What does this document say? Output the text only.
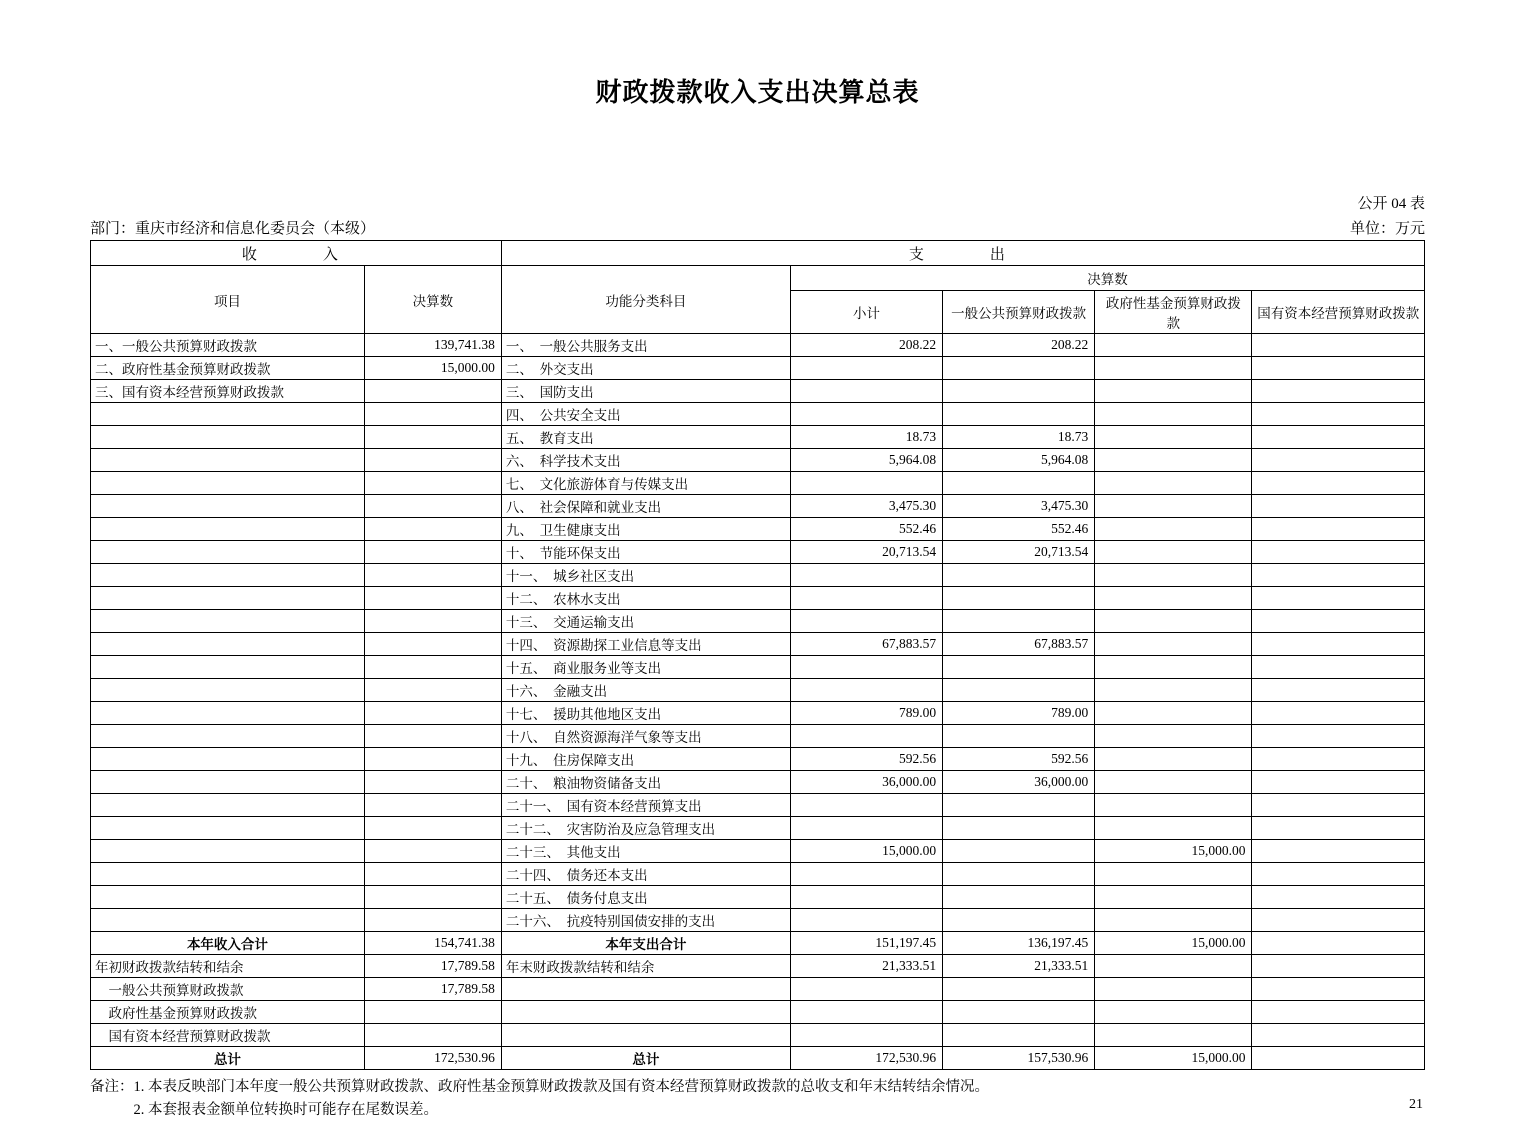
财政拨款收入支出决算总表
公开 04 表
部门：重庆市经济和信息化委员会（本级）	单位：万元
收　　入		支　　出				
项目	决算数	功能分类科目	决算数			
			小计	一般公共预算财政拨款	政府性基金预算财政拨款	国有资本经营预算财政拨款
一、一般公共预算财政拨款	139,741.38	一、　一般公共服务支出	208.22	208.22		
二、政府性基金预算财政拨款	15,000.00	二、　外交支出				
三、国有资本经营预算财政拨款		三、　国防支出				
		四、　公共安全支出				
		五、　教育支出	18.73	18.73		
		六、　科学技术支出	5,964.08	5,964.08		
		七、　文化旅游体育与传媒支出				
		八、　社会保障和就业支出	3,475.30	3,475.30		
		九、　卫生健康支出	552.46	552.46		
		十、　节能环保支出	20,713.54	20,713.54		
		十一、　城乡社区支出				
		十二、　农林水支出				
		十三、　交通运输支出				
		十四、　资源勘探工业信息等支出	67,883.57	67,883.57		
		十五、　商业服务业等支出				
		十六、　金融支出				
		十七、　援助其他地区支出	789.00	789.00		
		十八、　自然资源海洋气象等支出				
		十九、　住房保障支出	592.56	592.56		
		二十、　粮油物资储备支出	36,000.00	36,000.00		
		二十一、　国有资本经营预算支出				
		二十二、　灾害防治及应急管理支出				
		二十三、　其他支出	15,000.00		15,000.00	
		二十四、　债务还本支出				
		二十五、　债务付息支出				
		二十六、　抗疫特别国债安排的支出				
本年收入合计	154,741.38	本年支出合计	151,197.45	136,197.45	15,000.00	
年初财政拨款结转和结余	17,789.58	年末财政拨款结转和结余	21,333.51	21,333.51		
　一般公共预算财政拨款	17,789.58					
　政府性基金预算财政拨款						
　国有资本经营预算财政拨款						
总计	172,530.96	总计	172,530.96	157,530.96	15,000.00	
备注：1. 本表反映部门本年度一般公共预算财政拨款、政府性基金预算财政拨款及国有资本经营预算财政拨款的总收支和年末结转结余情况。
　　　2. 本套报表金额单位转换时可能存在尾数误差。	21
